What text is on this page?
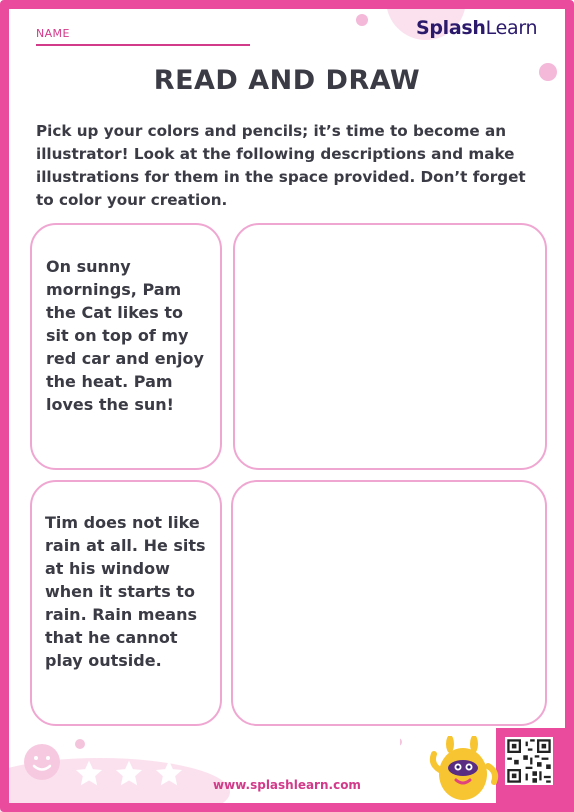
NAME	SplashLearn
READ AND DRAW
Pick up your colors and pencils; it’s time to become an illustrator! Look at the following descriptions and make illustrations for them in the space provided. Don’t forget to color your creation.
On sunny mornings, Pam the Cat likes to sit on top of my red car and enjoy the heat. Pam loves the sun!
Tim does not like rain at all. He sits at his window when it starts to rain. Rain means that he cannot play outside.
www.splashlearn.com
